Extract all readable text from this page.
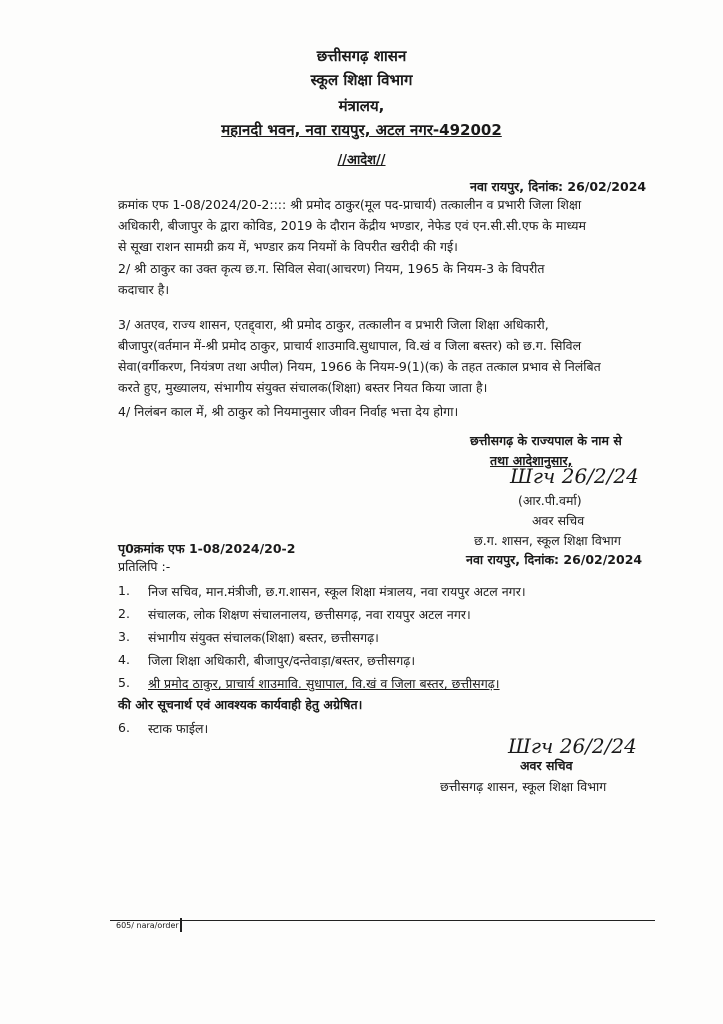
छत्तीसगढ़ शासन
स्कूल शिक्षा विभाग
मंत्रालय,
महानदी भवन, नवा रायपुर, अटल नगर-492002
//आदेश//
नवा रायपुर, दिनांक: 26/02/2024
क्रमांक एफ 1-08/2024/20-2:::: श्री प्रमोद ठाकुर(मूल पद-प्राचार्य) तत्कालीन व प्रभारी जिला शिक्षा
अधिकारी, बीजापुर के द्वारा कोविड, 2019 के दौरान केंद्रीय भण्डार, नेफेड एवं एन.सी.सी.एफ के माध्यम
से सूखा राशन सामग्री क्रय में, भण्डार क्रय नियमों के विपरीत खरीदी की गई।
2/ श्री ठाकुर का उक्त कृत्य छ.ग. सिविल सेवा(आचरण) नियम, 1965 के नियम-3 के विपरीत
कदाचार है।
3/ अतएव, राज्य शासन, एतद्द्वारा, श्री प्रमोद ठाकुर, तत्कालीन व प्रभारी जिला शिक्षा अधिकारी,
बीजापुर(वर्तमान में-श्री प्रमोद ठाकुर, प्राचार्य शाउमावि.सुधापाल, वि.खं व जिला बस्तर) को छ.ग. सिविल
सेवा(वर्गीकरण, नियंत्रण तथा अपील) नियम, 1966 के नियम-9(1)(क) के तहत तत्काल प्रभाव से निलंबित
करते हुए, मुख्यालय, संभागीय संयुक्त संचालक(शिक्षा) बस्तर नियत किया जाता है।
4/ निलंबन काल में, श्री ठाकुर को नियमानुसार जीवन निर्वाह भत्ता देय होगा।
छत्तीसगढ़ के राज्यपाल के नाम से
तथा आदेशानुसार,
Шгч 26/2/24
(आर.पी.वर्मा)
अवर सचिव
छ.ग. शासन, स्कूल शिक्षा विभाग
नवा रायपुर, दिनांक: 26/02/2024
पृ0क्रमांक एफ 1-08/2024/20-2
प्रतिलिपि :-
1. निज सचिव, मान.मंत्रीजी, छ.ग.शासन, स्कूल शिक्षा मंत्रालय, नवा रायपुर अटल नगर।
2. संचालक, लोक शिक्षण संचालनालय, छत्तीसगढ़, नवा रायपुर अटल नगर।
3. संभागीय संयुक्त संचालक(शिक्षा) बस्तर, छत्तीसगढ़।
4. जिला शिक्षा अधिकारी, बीजापुर/दन्तेवाड़ा/बस्तर, छत्तीसगढ़।
5. श्री प्रमोद ठाकुर, प्राचार्य शाउमावि. सुधापाल, वि.खं व जिला बस्तर, छत्तीसगढ़।
की ओर सूचनार्थ एवं आवश्यक कार्यवाही हेतु अग्रेषित।
6. स्टाक फाईल।
Шгч 26/2/24
अवर सचिव
छत्तीसगढ़ शासन, स्कूल शिक्षा विभाग
605/ nara/order
